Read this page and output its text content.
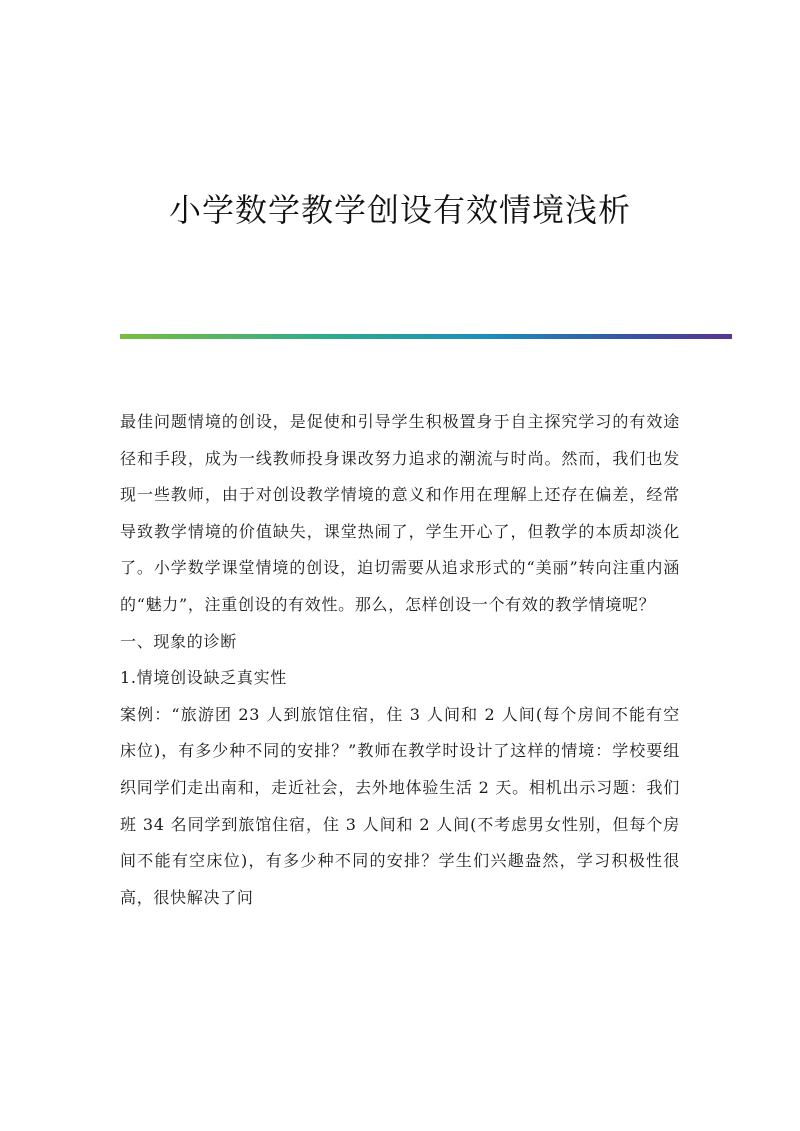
小学数学教学创设有效情境浅析

最佳问题情境的创设，是促使和引导学生积极置身于自主探究学习的有效途径和手段，成为一线教师投身课改努力追求的潮流与时尚。然而，我们也发现一些教师，由于对创设教学情境的意义和作用在理解上还存在偏差，经常导致教学情境的价值缺失，课堂热闹了，学生开心了，但教学的本质却淡化了。小学数学课堂情境的创设，迫切需要从追求形式的“美丽”转向注重内涵的“魅力”，注重创设的有效性。那么，怎样创设一个有效的教学情境呢？

一、现象的诊断

1.情境创设缺乏真实性

案例：“旅游团 23 人到旅馆住宿，住 3 人间和 2 人间(每个房间不能有空床位)，有多少种不同的安排？”教师在教学时设计了这样的情境：学校要组织同学们走出南和，走近社会，去外地体验生活 2 天。相机出示习题：我们班 34 名同学到旅馆住宿，住 3 人间和 2 人间(不考虑男女性别，但每个房间不能有空床位)，有多少种不同的安排？学生们兴趣盎然，学习积极性很高，很快解决了问
